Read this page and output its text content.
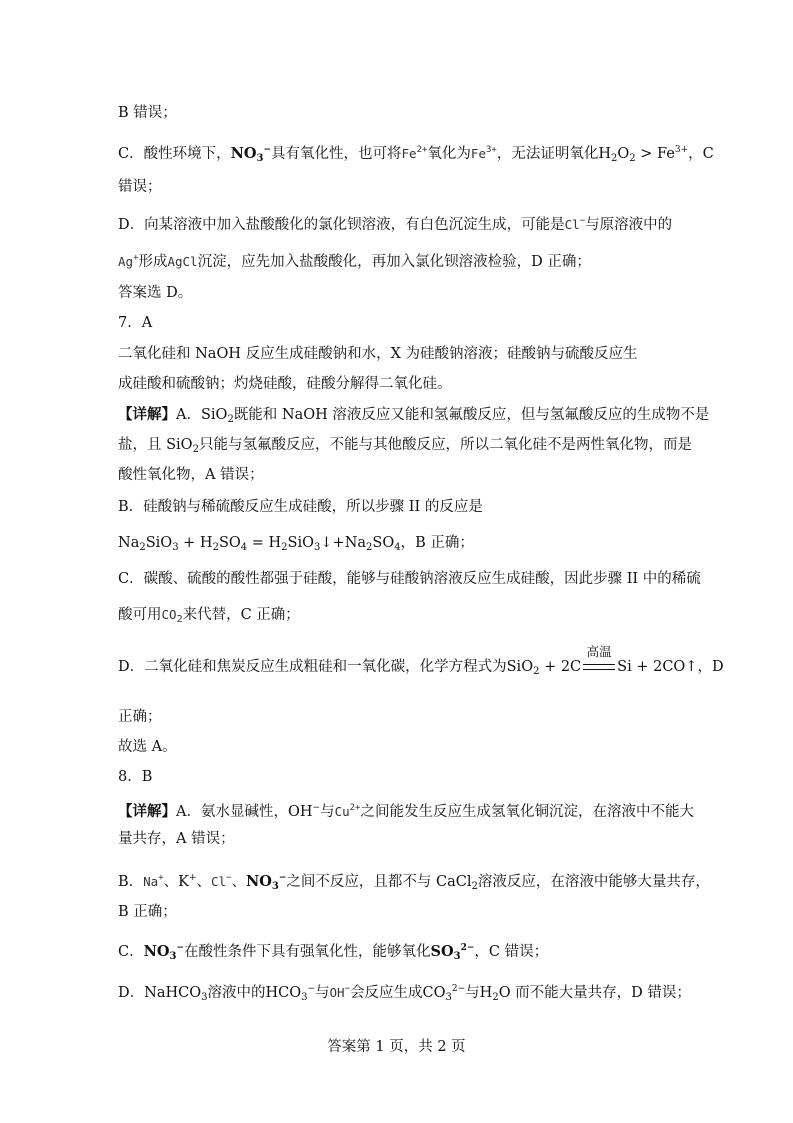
B 错误；
C．酸性环境下，$NO_3^-$具有氧化性，也可将$Fe^{2+}$氧化为$Fe^{3+}$，无法证明氧化$H_2O_2 > Fe^{3+}$，C
错误；
D．向某溶液中加入盐酸酸化的氯化钡溶液，有白色沉淀生成，可能是Cl−与原溶液中的
Ag+形成AgCl沉淀，应先加入盐酸酸化，再加入氯化钡溶液检验，D 正确；
答案选 D。
7．A
二氧化硅和 NaOH 反应生成硅酸钠和水，X 为硅酸钠溶液；硅酸钠与硫酸反应生
成硅酸和硫酸钠；灼烧硅酸，硅酸分解得二氧化硅。
【详解】A．SiO$_2$既能和 NaOH 溶液反应又能和氢氟酸反应，但与氢氟酸反应的生成物不是
盐，且 SiO$_2$只能与氢氟酸反应，不能与其他酸反应，所以二氧化硅不是两性氧化物，而是
酸性氧化物，A 错误；
B．硅酸钠与稀硫酸反应生成硅酸，所以步骤 II 的反应是
$Na_2SiO_3 + H_2SO_4$ = $H_2SiO_3↓+Na_2SO_4$，B 正确；
C．碳酸、硫酸的酸性都强于硅酸，能够与硅酸钠溶液反应生成硅酸，因此步骤 II 中的稀硫
酸可用$CO_2$来代替，C 正确；
D．二氧化硅和焦炭反应生成粗硅和一氧化碳，化学方程式为SiO$_2$ + 2C
高温
Si + 2CO↑，D
正确；
故选 A。
8．B
【详解】A．氨水显碱性，OH−与$Cu^{2+}$之间能发生反应生成氢氧化铜沉淀，在溶液中不能大
量共存，A 错误；
B．Na+、K+、Cl−、$NO_3^-$之间不反应，且都不与 CaCl$_2$溶液反应，在溶液中能够大量共存，
B 正确；
C．$NO_3^-$在酸性条件下具有强氧化性，能够氧化$SO_3^{2-}$，C 错误；
D．NaHCO$_3$溶液中的$HCO_3^-$与OH−会反应生成$CO_3^{2-}$与$H_2O$ 而不能大量共存，D 错误；
答案第 1 页，共 2 页
